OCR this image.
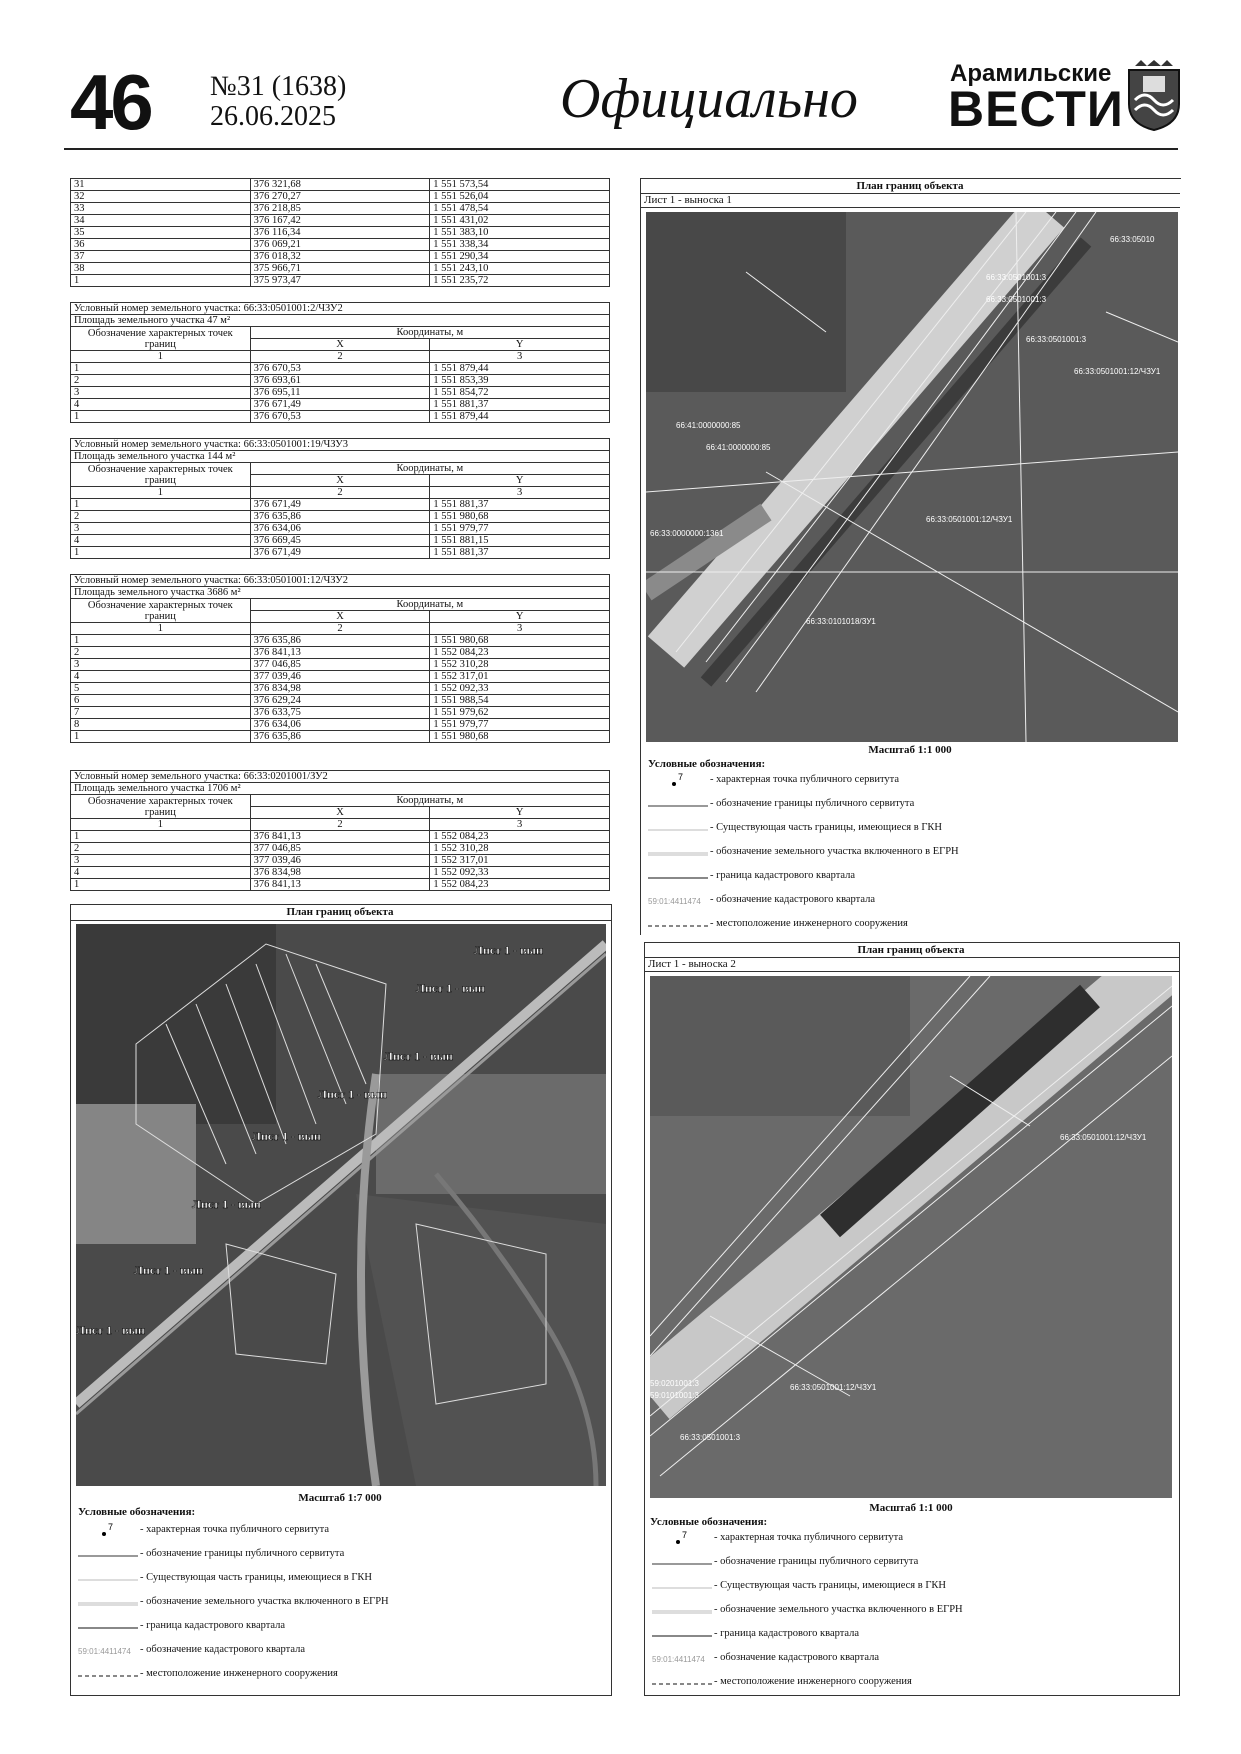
46 №31 (1638)
26.06.2025	Официально	Арамильские
ВЕСТИ
31	376 321,68	1 551 573,54
32	376 270,27	1 551 526,04
33	376 218,85	1 551 478,54
34	376 167,42	1 551 431,02
35	376 116,34	1 551 383,10
36	376 069,21	1 551 338,34
37	376 018,32	1 551 290,34
38	375 966,71	1 551 243,10
1	375 973,47	1 551 235,72
Условный номер земельного участка: 66:33:0501001:2/ЧЗУ2		
Площадь земельного участка 47 м²		
Обозначение характерных точек границ	Координаты, м	
	X	Y
1	2	3
1	376 670,53	1 551 879,44
2	376 693,61	1 551 853,39
3	376 695,11	1 551 854,72
4	376 671,49	1 551 881,37
1	376 670,53	1 551 879,44
Условный номер земельного участка: 66:33:0501001:19/ЧЗУ3		
Площадь земельного участка 144 м²		
Обозначение характерных точек границ	Координаты, м	
	X	Y
1	2	3
1	376 671,49	1 551 881,37
2	376 635,86	1 551 980,68
3	376 634,06	1 551 979,77
4	376 669,45	1 551 881,15
1	376 671,49	1 551 881,37
Условный номер земельного участка: 66:33:0501001:12/ЧЗУ2		
Площадь земельного участка 3686 м²		
Обозначение характерных точек границ	Координаты, м	
	X	Y
1	2	3
1	376 635,86	1 551 980,68
2	376 841,13	1 552 084,23
3	377 046,85	1 552 310,28
4	377 039,46	1 552 317,01
5	376 834,98	1 552 092,33
6	376 629,24	1 551 988,54
7	376 633,75	1 551 979,62
8	376 634,06	1 551 979,77
1	376 635,86	1 551 980,68
Условный номер земельного участка: 66:33:0201001/ЗУ2		
Площадь земельного участка 1706 м²		
Обозначение характерных точек границ	Координаты, м	
	X	Y
1	2	3
1	376 841,13	1 552 084,23
2	377 046,85	1 552 310,28
3	377 039,46	1 552 317,01
4	376 834,98	1 552 092,33
1	376 841,13	1 552 084,23
План границ объекта
Лист 1 - вын
Лист 1 - вын
Лист 1 - вын
Лист 1 - вын
Лист 1 - вын
Лист 1 - вын
Лист 1 - вын
Лист 1 - вын
Масштаб 1:7 000
Условные обозначения:
- характерная точка публичного сервитута
- обозначение границы публичного сервитута
- Существующая часть границы, имеющиеся в ГКН
- обозначение земельного участка включенного в ЕГРН
- граница кадастрового квартала
- обозначение кадастрового квартала
- местоположение инженерного сооружения
7
59:01:4411474
План границ объекта
Лист 1 - выноска 1
66:33:05010
66:33:0501001:3
66:33:0501001:3
66:33:0501001:3
66:33:0501001:12/ЧЗУ1
66:41:0000000:85
66:41:0000000:85
66:33:0501001:12/ЧЗУ1
66:33:0000000:1361
66:33:0101018/ЗУ1
Масштаб 1:1 000
Условные обозначения:
- характерная точка публичного сервитута
- обозначение границы публичного сервитута
- Существующая часть границы, имеющиеся в ГКН
- обозначение земельного участка включенного в ЕГРН
- граница кадастрового квартала
- обозначение кадастрового квартала
- местоположение инженерного сооружения
7
59:01:4411474
План границ объекта
Лист 1 - выноска 2
66:33:0501001:12/ЧЗУ1
66:33:0501001:12/ЧЗУ1
59:0201001:3
59:0101001:3
66:33:0501001:3
Масштаб 1:1 000
Условные обозначения:
- характерная точка публичного сервитута
- обозначение границы публичного сервитута
- Существующая часть границы, имеющиеся в ГКН
- обозначение земельного участка включенного в ЕГРН
- граница кадастрового квартала
- обозначение кадастрового квартала
- местоположение инженерного сооружения
7
59:01:4411474
